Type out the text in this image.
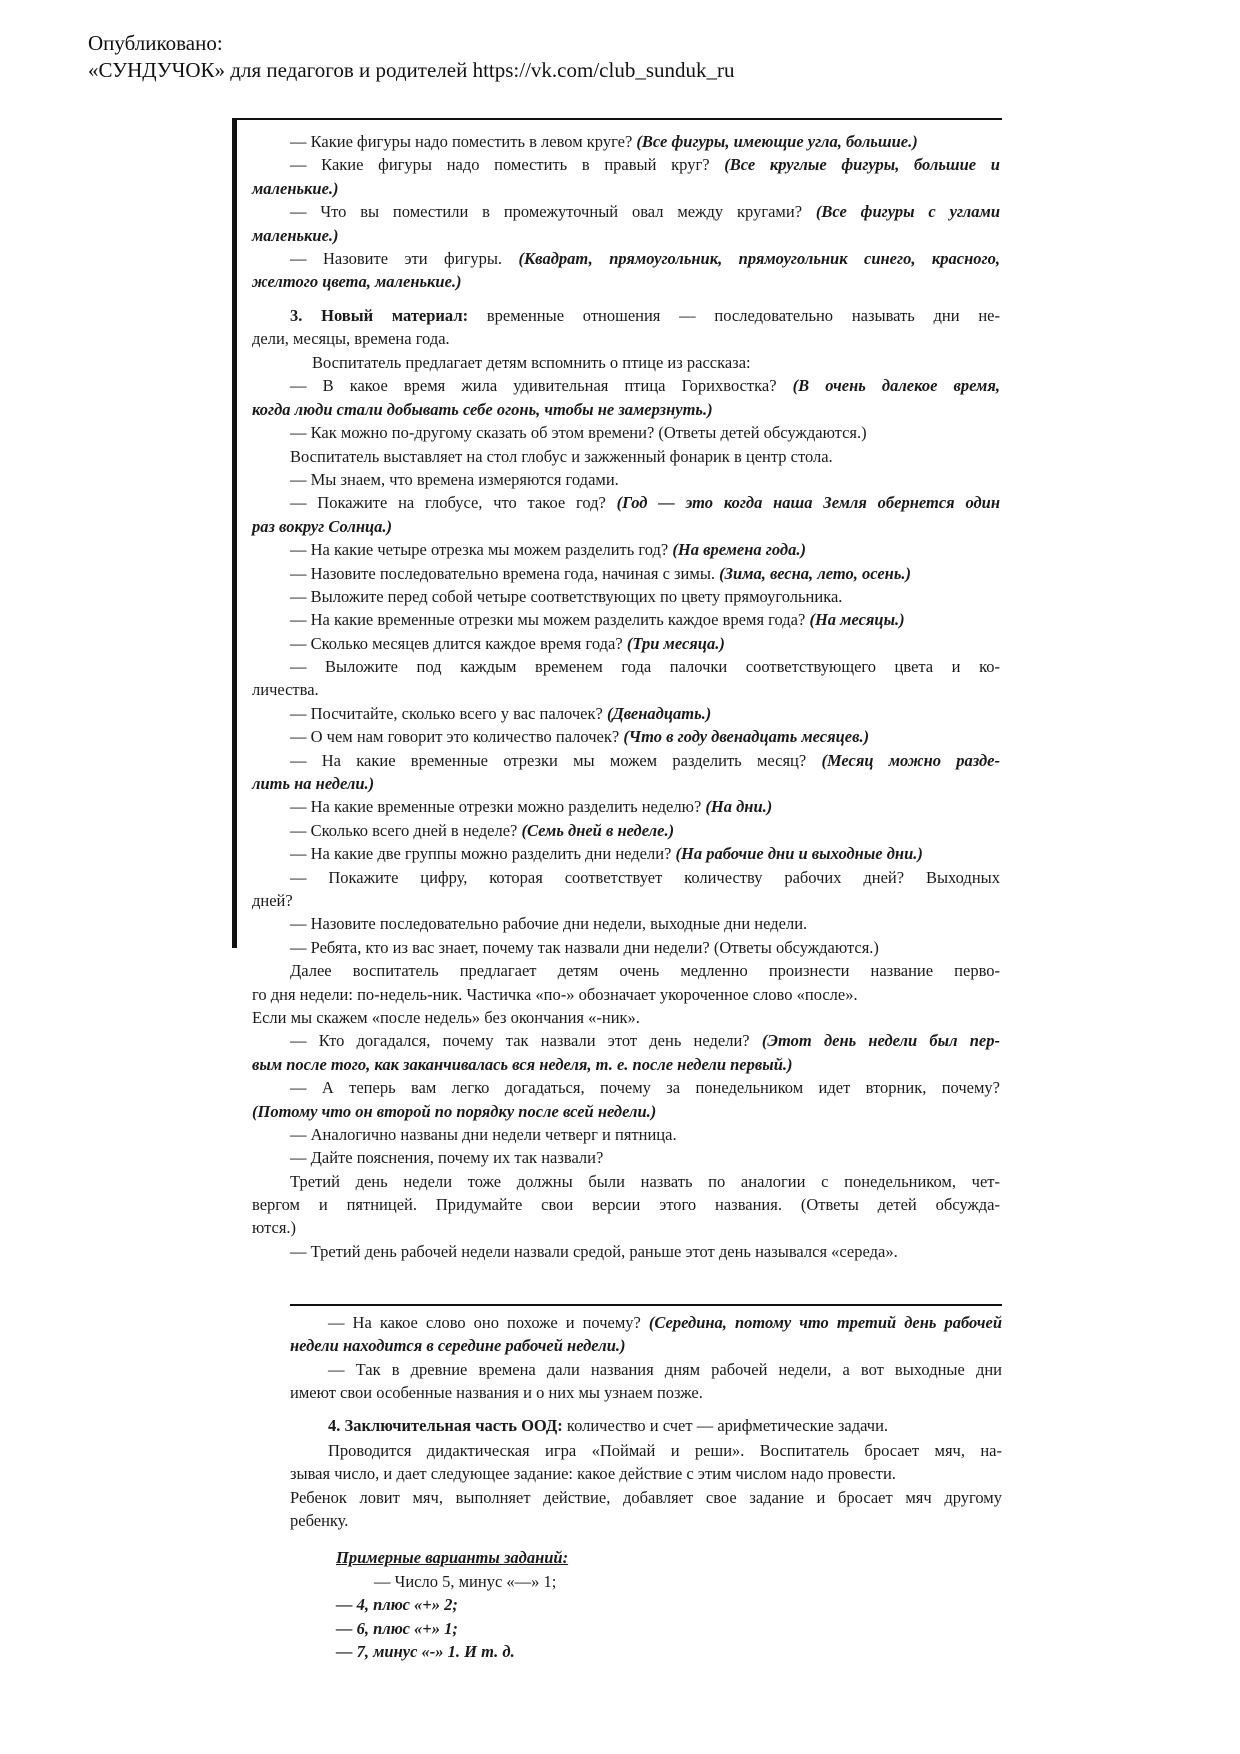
Опубликовано:
«СУНДУЧОК» для педагогов и родителей https://vk.com/club_sunduk_ru
— Какие фигуры надо поместить в левом круге? (Все фигуры, имеющие угла, большие.)
— Какие фигуры надо поместить в правый круг? (Все круглые фигуры, большие и
маленькие.)
— Что вы поместили в промежуточный овал между кругами? (Все фигуры с углами
маленькие.)
— Назовите эти фигуры. (Квадрат, прямоугольник, прямоугольник синего, красного,
желтого цвета, маленькие.)
3. Новый материал: временные отношения — последовательно называть дни не-
дели, месяцы, времена года.
Воспитатель предлагает детям вспомнить о птице из рассказа:
— В какое время жила удивительная птица Горихвостка? (В очень далекое время,
когда люди стали добывать себе огонь, чтобы не замерзнуть.)
— Как можно по-другому сказать об этом времени? (Ответы детей обсуждаются.)
Воспитатель выставляет на стол глобус и зажженный фонарик в центр стола.
— Мы знаем, что времена измеряются годами.
— Покажите на глобусе, что такое год? (Год — это когда наша Земля обернется один
раз вокруг Солнца.)
— На какие четыре отрезка мы можем разделить год? (На времена года.)
— Назовите последовательно времена года, начиная с зимы. (Зима, весна, лето, осень.)
— Выложите перед собой четыре соответствующих по цвету прямоугольника.
— На какие временные отрезки мы можем разделить каждое время года? (На месяцы.)
— Сколько месяцев длится каждое время года? (Три месяца.)
— Выложите под каждым временем года палочки соответствующего цвета и ко-
личества.
— Посчитайте, сколько всего у вас палочек? (Двенадцать.)
— О чем нам говорит это количество палочек? (Что в году двенадцать месяцев.)
— На какие временные отрезки мы можем разделить месяц? (Месяц можно разде-
лить на недели.)
— На какие временные отрезки можно разделить неделю? (На дни.)
— Сколько всего дней в неделе? (Семь дней в неделе.)
— На какие две группы можно разделить дни недели? (На рабочие дни и выходные дни.)
— Покажите цифру, которая соответствует количеству рабочих дней? Выходных
дней?
— Назовите последовательно рабочие дни недели, выходные дни недели.
— Ребята, кто из вас знает, почему так назвали дни недели? (Ответы обсуждаются.)
Далее воспитатель предлагает детям очень медленно произнести название перво-
го дня недели: по-недель-ник. Частичка «по-» обозначает укороченное слово «после».
Если мы скажем «после недель» без окончания «-ник».
— Кто догадался, почему так назвали этот день недели? (Этот день недели был пер-
вым после того, как заканчивалась вся неделя, т. е. после недели первый.)
— А теперь вам легко догадаться, почему за понедельником идет вторник, почему?
(Потому что он второй по порядку после всей недели.)
— Аналогично названы дни недели четверг и пятница.
— Дайте пояснения, почему их так назвали?
Третий день недели тоже должны были назвать по аналогии с понедельником, чет-
вергом и пятницей. Придумайте свои версии этого названия. (Ответы детей обсужда-
ются.)
— Третий день рабочей недели назвали средой, раньше этот день назывался «середа».
— На какое слово оно похоже и почему? (Середина, потому что третий день рабочей
недели находится в середине рабочей недели.)
— Так в древние времена дали названия дням рабочей недели, а вот выходные дни
имеют свои особенные названия и о них мы узнаем позже.
4. Заключительная часть ООД: количество и счет — арифметические задачи.
Проводится дидактическая игра «Поймай и реши». Воспитатель бросает мяч, на-
зывая число, и дает следующее задание: какое действие с этим числом надо провести.
Ребенок ловит мяч, выполняет действие, добавляет свое задание и бросает мяч другому
ребенку.
Примерные варианты заданий:
— Число 5, минус «—» 1;
— 4, плюс «+» 2;
— 6, плюс «+» 1;
— 7, минус «-» 1. И т. д.
